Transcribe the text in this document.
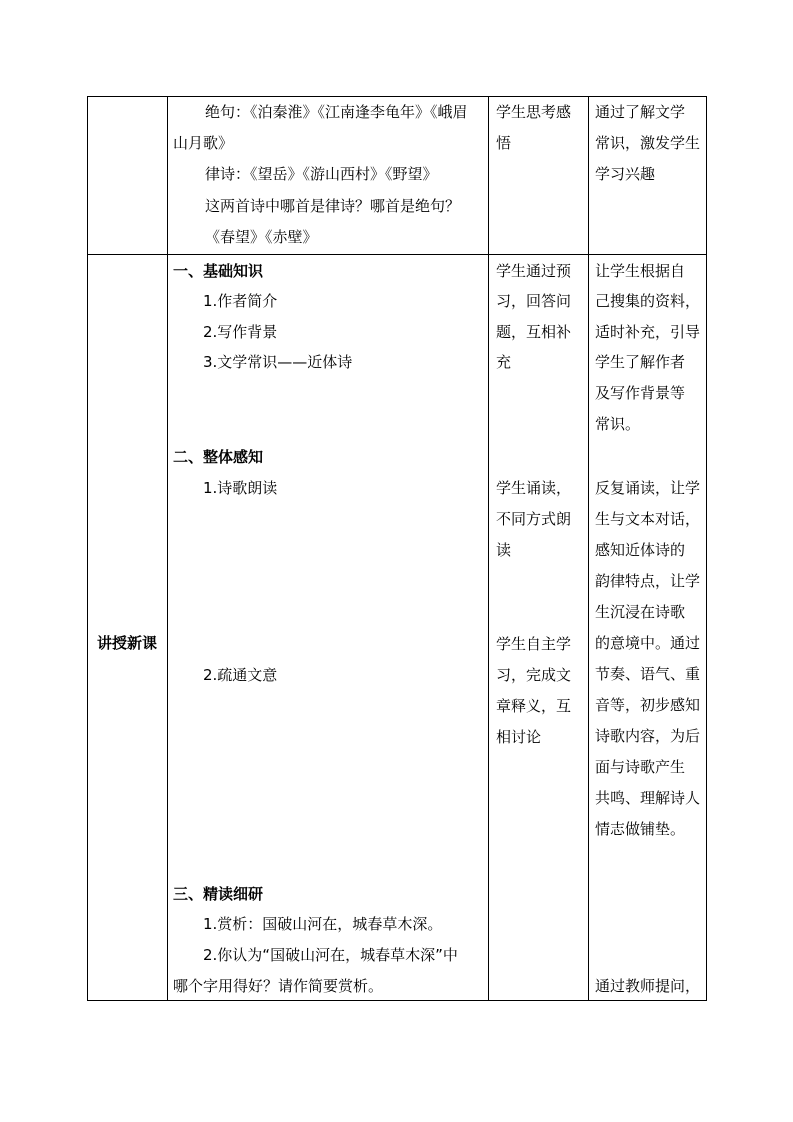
绝句：《泊秦淮》《江南逢李龟年》《峨眉
山月歌》
律诗：《望岳》《游山西村》《野望》
这两首诗中哪首是律诗？哪首是绝句？
《春望》《赤壁》
学生思考感
悟
通过了解文学
常识，激发学生
学习兴趣
讲授新课
一、基础知识
1.作者简介
2.写作背景
3.文学常识——近体诗
二、整体感知
1.诗歌朗读
2.疏通文意
三、精读细研
1.赏析：国破山河在，城春草木深。
2.你认为“国破山河在，城春草木深”中
哪个字用得好？请作简要赏析。
学生通过预
习，回答问
题，互相补
充
学生诵读，
不同方式朗
读
学生自主学
习，完成文
章释义，互
相讨论
让学生根据自
己搜集的资料，
适时补充，引导
学生了解作者
及写作背景等
常识。
反复诵读，让学
生与文本对话，
感知近体诗的
韵律特点，让学
生沉浸在诗歌
的意境中。通过
节奏、语气、重
音等，初步感知
诗歌内容，为后
面与诗歌产生
共鸣、理解诗人
情志做铺垫。
通过教师提问，
